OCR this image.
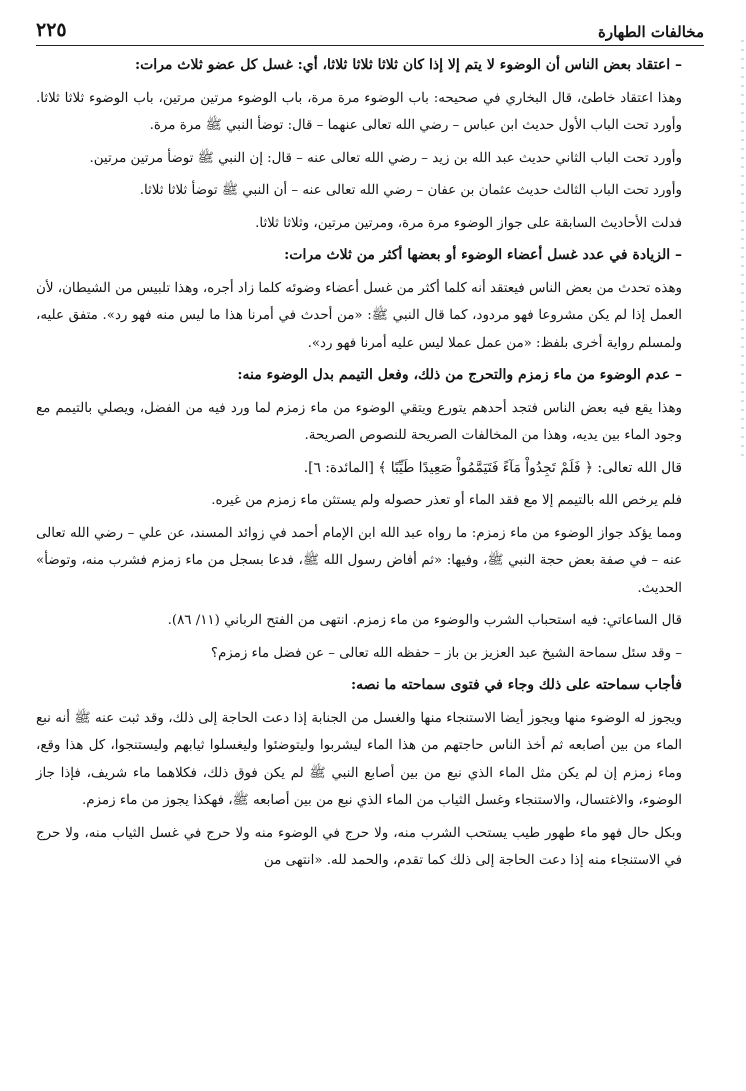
مخالفات الطهارة
٢٢٥

– اعتقاد بعض الناس أن الوضوء لا يتم إلا إذا كان ثلاثا ثلاثا ثلاثا، أي: غسل كل عضو ثلاث مرات:

وهذا اعتقاد خاطئ، قال البخاري في صحيحه: باب الوضوء مرة مرة، باب الوضوء مرتين مرتين، باب الوضوء ثلاثا ثلاثا. وأورد تحت الباب الأول حديث ابن عباس – رضي الله تعالى عنهما – قال: توضأ النبي ﷺ مرة مرة.

وأورد تحت الباب الثاني حديث عبد الله بن زيد – رضي الله تعالى عنه – قال: إن النبي ﷺ توضأ مرتين مرتين.

وأورد تحت الباب الثالث حديث عثمان بن عفان – رضي الله تعالى عنه – أن النبي ﷺ توضأ ثلاثا ثلاثا.

فدلت الأحاديث السابقة على جواز الوضوء مرة مرة، ومرتين مرتين، وثلاثا ثلاثا.

– الزيادة في عدد غسل أعضاء الوضوء أو بعضها أكثر من ثلاث مرات:

وهذه تحدث من بعض الناس فيعتقد أنه كلما أكثر من غسل أعضاء وضوئه كلما زاد أجره، وهذا تلبيس من الشيطان، لأن العمل إذا لم يكن مشروعا فهو مردود، كما قال النبي ﷺ: «من أحدث في أمرنا هذا ما ليس منه فهو رد». متفق عليه، ولمسلم رواية أخرى بلفظ: «من عمل عملا ليس عليه أمرنا فهو رد».

– عدم الوضوء من ماء زمزم والتحرج من ذلك، وفعل التيمم بدل الوضوء منه:

وهذا يقع فيه بعض الناس فتجد أحدهم يتورع ويتقي الوضوء من ماء زمزم لما ورد فيه من الفضل، ويصلي بالتيمم مع وجود الماء بين يديه، وهذا من المخالفات الصريحة للنصوص الصريحة.

قال الله تعالى: ﴿ فَلَمْ تَجِدُواْ مَآءً فَتَيَمَّمُواْ صَعِيدًا طَيِّبًا ﴾ [المائدة: ٦].

فلم يرخص الله بالتيمم إلا مع فقد الماء أو تعذر حصوله ولم يستثن ماء زمزم من غيره.

ومما يؤكد جواز الوضوء من ماء زمزم: ما رواه عبد الله ابن الإمام أحمد في زوائد المسند، عن علي – رضي الله تعالى عنه – في صفة بعض حجة النبي ﷺ، وفيها: «ثم أفاض رسول الله ﷺ، فدعا بسجل من ماء زمزم فشرب منه، وتوضأ» الحديث.

قال الساعاتي: فيه استحباب الشرب والوضوء من ماء زمزم. انتهى من الفتح الرباني (١١/ ٨٦).

– وقد سئل سماحة الشيخ عبد العزيز بن باز – حفظه الله تعالى – عن فضل ماء زمزم؟

فأجاب سماحته على ذلك وجاء في فتوى سماحته ما نصه:

ويجوز له الوضوء منها ويجوز أيضا الاستنجاء منها والغسل من الجنابة إذا دعت الحاجة إلى ذلك، وقد ثبت عنه ﷺ أنه نبع الماء من بين أصابعه ثم أخذ الناس حاجتهم من هذا الماء ليشربوا وليتوضئوا وليغسلوا ثيابهم وليستنجوا، كل هذا وقع، وماء زمزم إن لم يكن مثل الماء الذي نبع من بين أصابع النبي ﷺ لم يكن فوق ذلك، فكلاهما ماء شريف، فإذا جاز الوضوء، والاغتسال، والاستنجاء وغسل الثياب من الماء الذي نبع من بين أصابعه ﷺ، فهكذا يجوز من ماء زمزم.

وبكل حال فهو ماء طهور طيب يستحب الشرب منه، ولا حرج في الوضوء منه ولا حرج في غسل الثياب منه، ولا حرج في الاستنجاء منه إذا دعت الحاجة إلى ذلك كما تقدم، والحمد لله. «انتهى من
